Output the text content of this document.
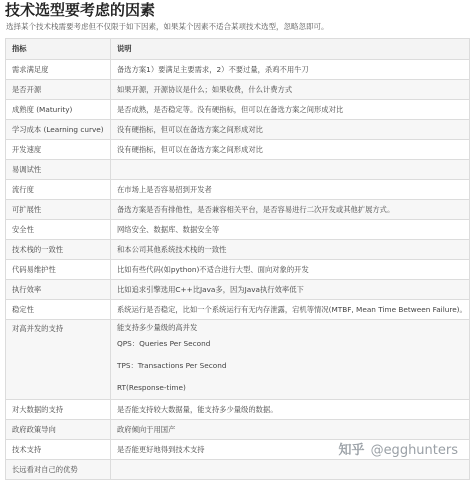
技术选型要考虑的因素
选择某个技术栈需要考虑但不仅限于如下因素，如果某个因素不适合某项技术选型，忽略忽即可。
指标	说明
需求满足度	备选方案1）要满足主要需求，2）不要过量，杀鸡不用牛刀

是否开源	如果开源，开源协议是什么；如果收费，什么计费方式

成熟度 (Maturity)	是否成熟，是否稳定等。没有硬指标，但可以在备选方案之间形成对比

学习成本 (Learning curve)	没有硬指标，但可以在备选方案之间形成对比

开发速度	没有硬指标，但可以在备选方案之间形成对比

易调试性	

流行度	在市场上是否容易招到开发者

可扩展性	备选方案是否有排他性，是否兼容相关平台，是否容易进行二次开发或其他扩展方式。

安全性	网络安全、数据库、数据安全等

技术栈的一致性	和本公司其他系统技术栈的一致性

代码易维护性	比如有些代码(如python)不适合进行大型、面向对象的开发

执行效率	比如追求引擎选用C++比Java多，因为Java执行效率低下

稳定性	系统运行是否稳定，比如一个系统运行有无内存泄露，宕机等情况(MTBF, Mean Time Between Failure)。

对高并发的支持	能支持多少量级的高并发
QPS：Queries Per Second
TPS：Transactions Per Second
RT(Response-time)

对大数据的支持	是否能支持较大数据量，能支持多少量级的数据。

政府政策导向	政府倾向于用国产

技术支持	是否能更好地得到技术支持

长远看对自己的优势	
知乎 @egghunters
